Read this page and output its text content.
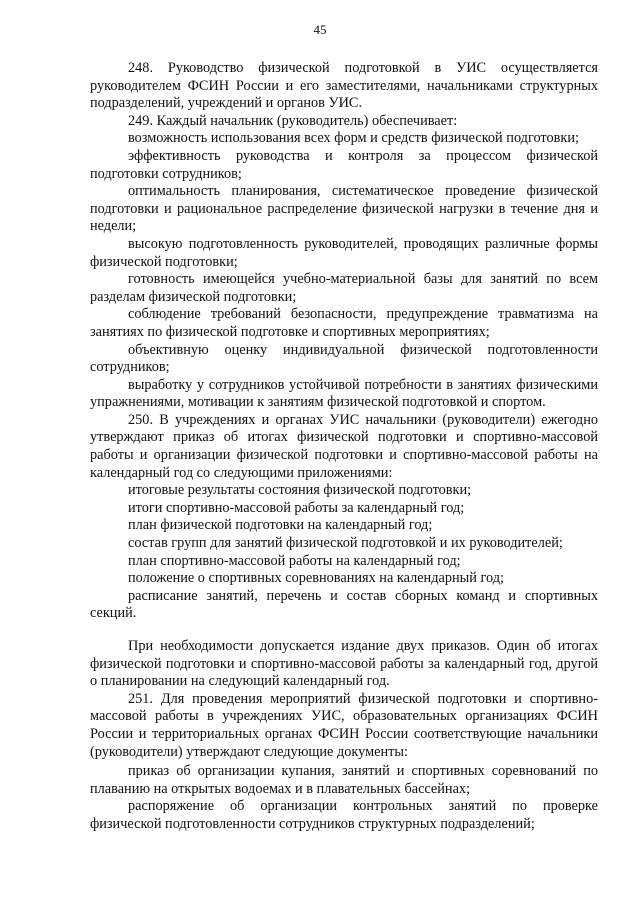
45

248. Руководство физической подготовкой в УИС осуществляется руководителем ФСИН России и его заместителями, начальниками структурных подразделений, учреждений и органов УИС.

249. Каждый начальник (руководитель) обеспечивает:

возможность использования всех форм и средств физической подготовки;

эффективность руководства и контроля за процессом физической подготовки сотрудников;

оптимальность планирования, систематическое проведение физической подготовки и рациональное распределение физической нагрузки в течение дня и недели;

высокую подготовленность руководителей, проводящих различные формы физической подготовки;

готовность имеющейся учебно-материальной базы для занятий по всем разделам физической подготовки;

соблюдение требований безопасности, предупреждение травматизма на занятиях по физической подготовке и спортивных мероприятиях;

объективную оценку индивидуальной физической подготовленности сотрудников;

выработку у сотрудников устойчивой потребности в занятиях физическими упражнениями, мотивации к занятиям физической подготовкой и спортом.

250. В учреждениях и органах УИС начальники (руководители) ежегодно утверждают приказ об итогах физической подготовки и спортивно-массовой работы и организации физической подготовки и спортивно-массовой работы на календарный год со следующими приложениями:

итоговые результаты состояния физической подготовки;

итоги спортивно-массовой работы за календарный год;

план физической подготовки на календарный год;

состав групп для занятий физической подготовкой и их руководителей;

план спортивно-массовой работы на календарный год;

положение о спортивных соревнованиях на календарный год;

расписание занятий, перечень и состав сборных команд и спортивных секций.

При необходимости допускается издание двух приказов. Один об итогах физической подготовки и спортивно-массовой работы за календарный год, другой о планировании на следующий календарный год.

251. Для проведения мероприятий физической подготовки и спортивно-массовой работы в учреждениях УИС, образовательных организациях ФСИН России и территориальных органах ФСИН России соответствующие начальники (руководители) утверждают следующие документы:

приказ об организации купания, занятий и спортивных соревнований по плаванию на открытых водоемах и в плавательных бассейнах;

распоряжение об организации контрольных занятий по проверке физической подготовленности сотрудников структурных подразделений;
